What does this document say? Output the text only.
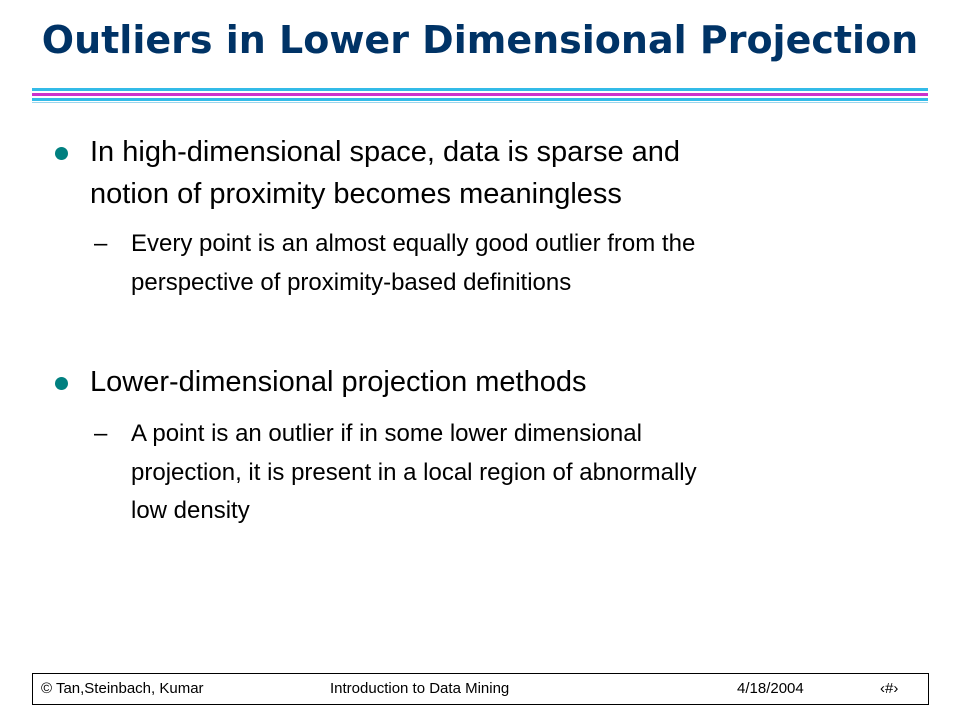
Outliers in Lower Dimensional Projection
In high-dimensional space, data is sparse and
notion of proximity becomes meaningless
– Every point is an almost equally good outlier from the
perspective of proximity-based definitions
Lower-dimensional projection methods
– A point is an outlier if in some lower dimensional
projection, it is present in a local region of abnormally
low density
© Tan,Steinbach, Kumar	Introduction to Data Mining	4/18/2004	‹#›
